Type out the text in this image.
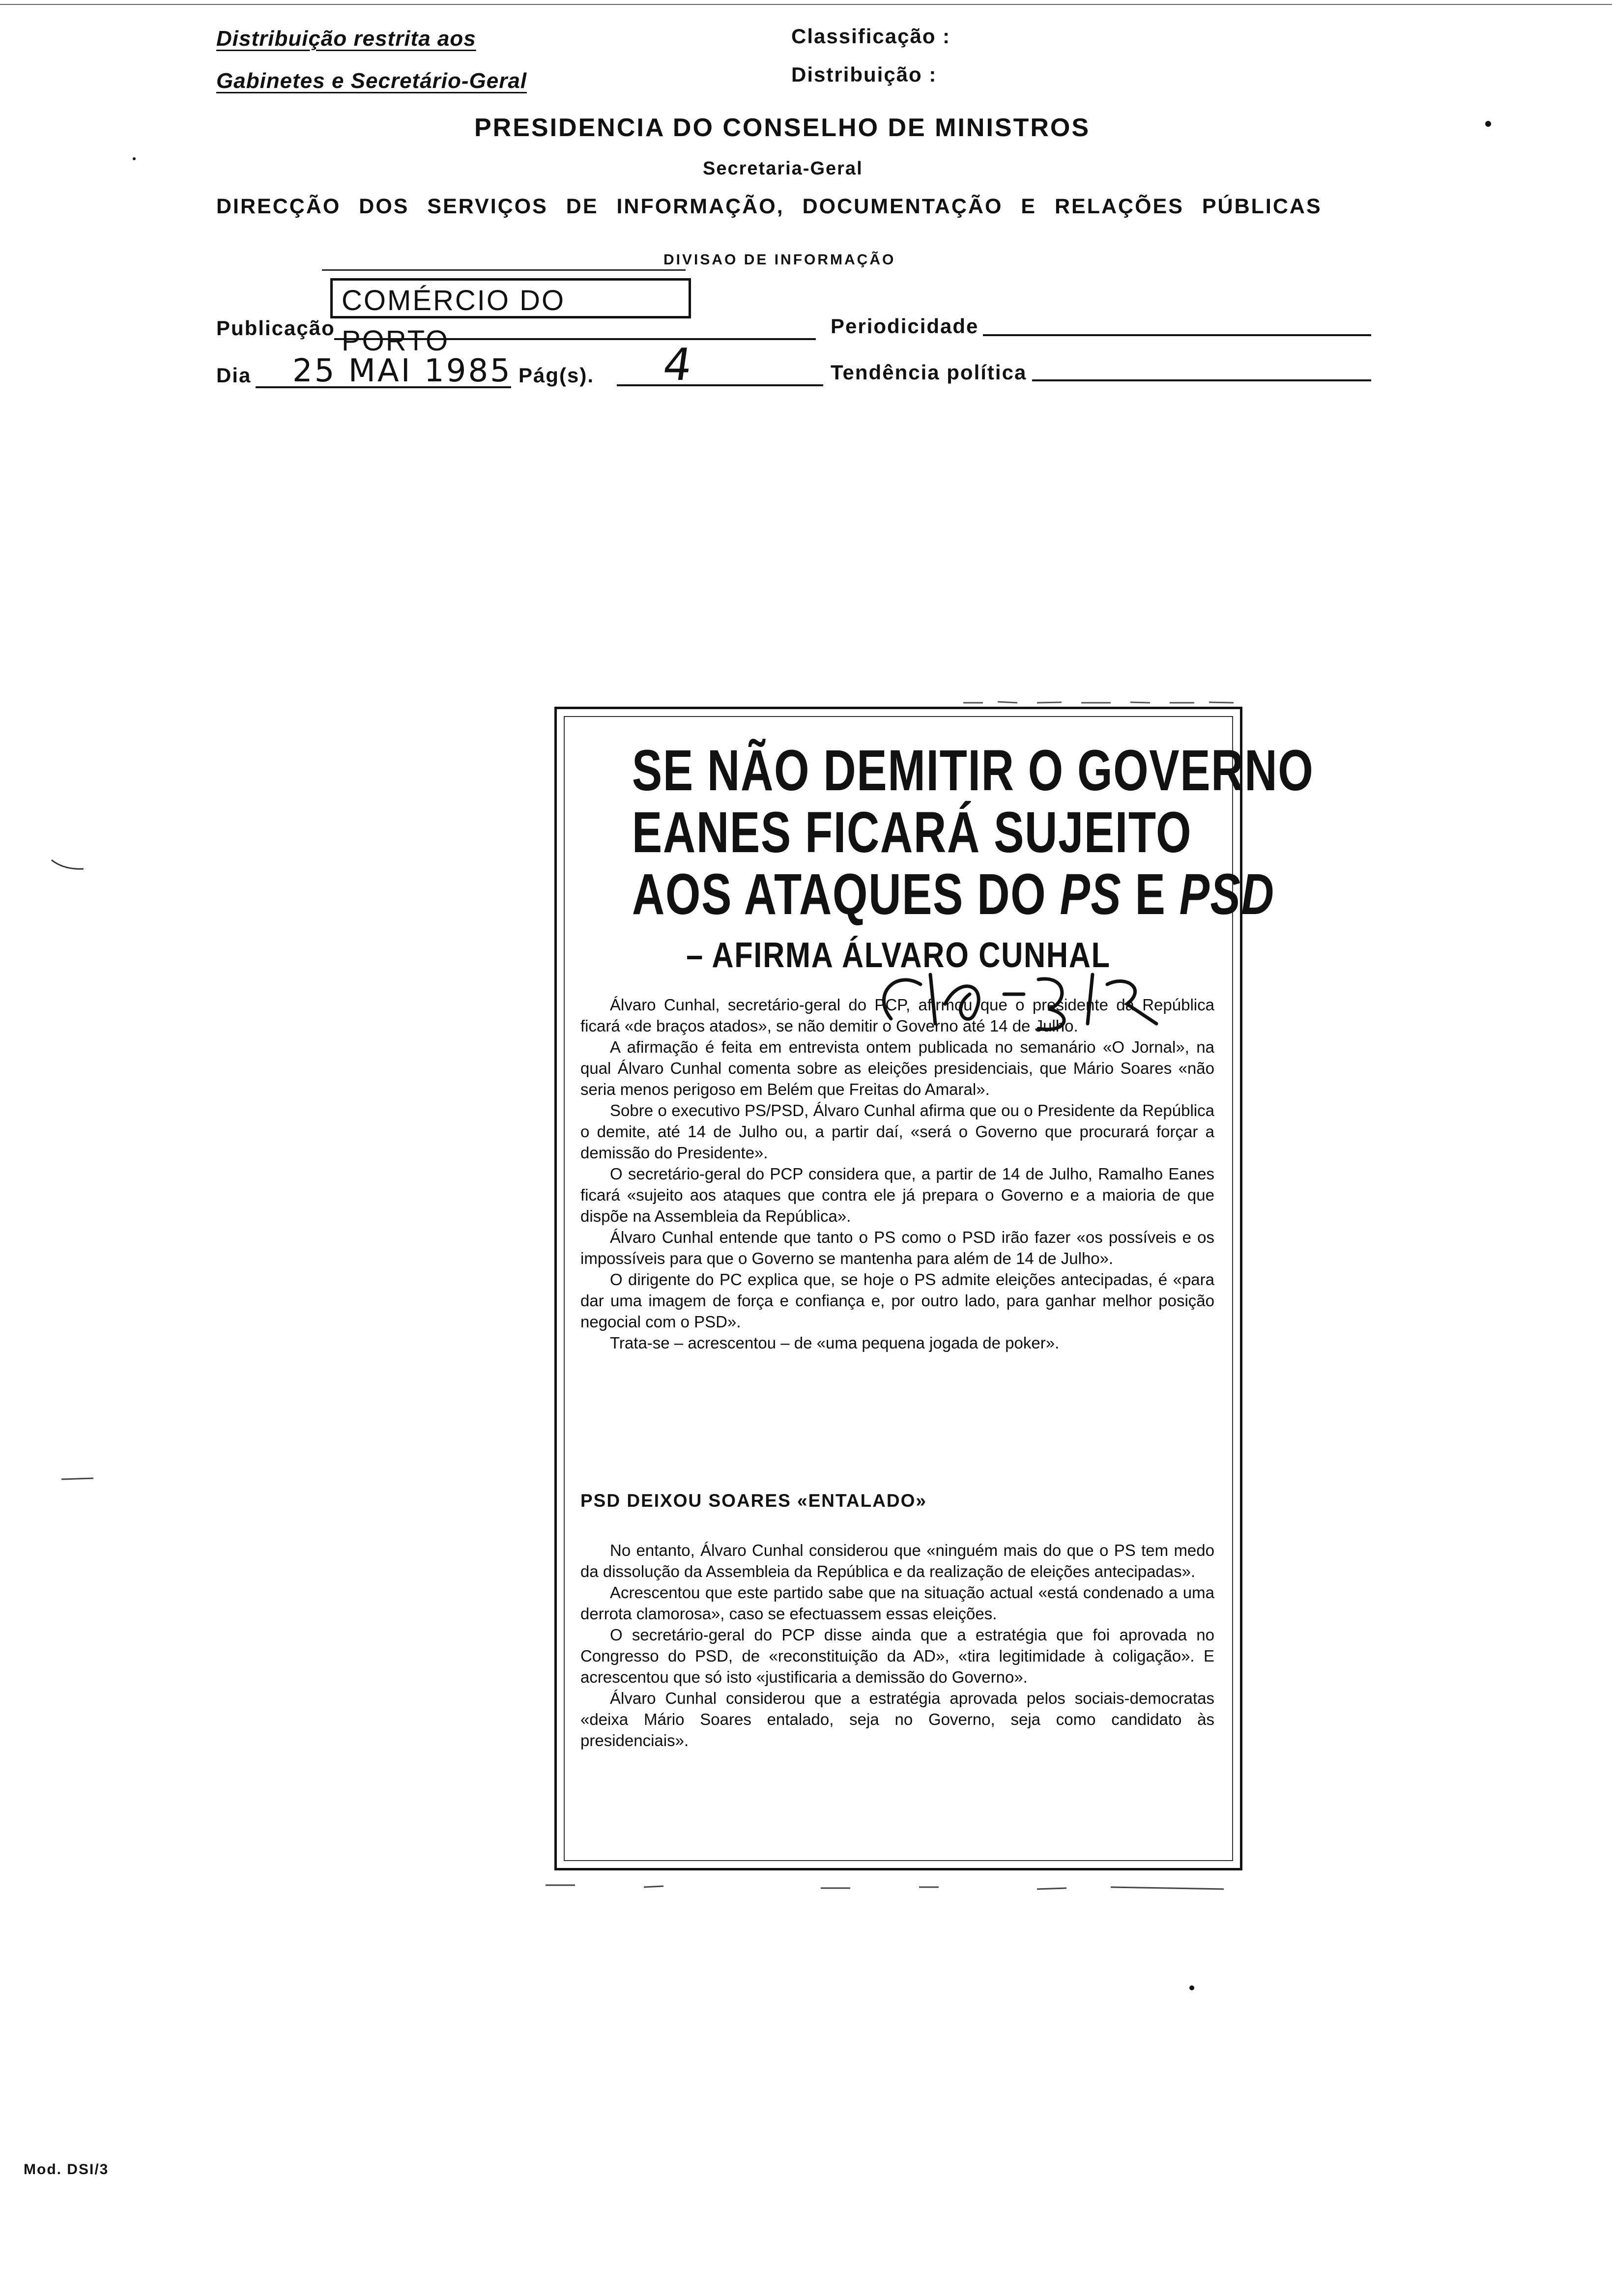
Distribuição restrita aos
Gabinetes e Secretário-Geral
Classificação :
Distribuição :
PRESIDENCIA DO CONSELHO DE MINISTROS
Secretaria-Geral
DIRECÇÃO DOS SERVIÇOS DE INFORMAÇÃO, DOCUMENTAÇÃO E RELAÇÕES PÚBLICAS
DIVISAO DE INFORMAÇÃO
Publicação
COMÉRCIO DO PORTO	Periodicidade
Dia 25 MAI 1985 Pág(s). 4	Tendência política
SE NÃO DEMITIR O GOVERNO
EANES FICARÁ SUJEITO
AOS ATAQUES DO PS E PSD
– AFIRMA ÁLVARO CUNHAL

Álvaro Cunhal, secretário-geral do PCP, afirmou que o presidente da República ficará «de braços atados», se não demitir o Governo até 14 de Julho.

A afirmação é feita em entrevista ontem publicada no semanário «O Jornal», na qual Álvaro Cunhal comenta sobre as eleições presidenciais, que Mário Soares «não seria menos perigoso em Belém que Freitas do Amaral».

Sobre o executivo PS/PSD, Álvaro Cunhal afirma que ou o Presidente da República o demite, até 14 de Julho ou, a partir daí, «será o Governo que procurará forçar a demissão do Presidente».

O secretário-geral do PCP considera que, a partir de 14 de Julho, Ramalho Eanes ficará «sujeito aos ataques que contra ele já prepara o Governo e a maioria de que dispõe na Assembleia da República».

Álvaro Cunhal entende que tanto o PS como o PSD irão fazer «os possíveis e os impossíveis para que o Governo se mantenha para além de 14 de Julho».

O dirigente do PC explica que, se hoje o PS admite eleições antecipadas, é «para dar uma imagem de força e confiança e, por outro lado, para ganhar melhor posição negocial com o PSD».

Trata-se – acrescentou – de «uma pequena jogada de poker».

PSD DEIXOU SOARES «ENTALADO»

No entanto, Álvaro Cunhal considerou que «ninguém mais do que o PS tem medo da dissolução da Assembleia da República e da realização de eleições antecipadas».

Acrescentou que este partido sabe que na situação actual «está condenado a uma derrota clamorosa», caso se efectuassem essas eleições.

O secretário-geral do PCP disse ainda que a estratégia que foi aprovada no Congresso do PSD, de «reconstituição da AD», «tira legitimidade à coligação». E acrescentou que só isto «justificaria a demissão do Governo».

Álvaro Cunhal considerou que a estratégia aprovada pelos sociais-democratas «deixa Mário Soares entalado, seja no Governo, seja como candidato às presidenciais».

Mod. DSI/3
